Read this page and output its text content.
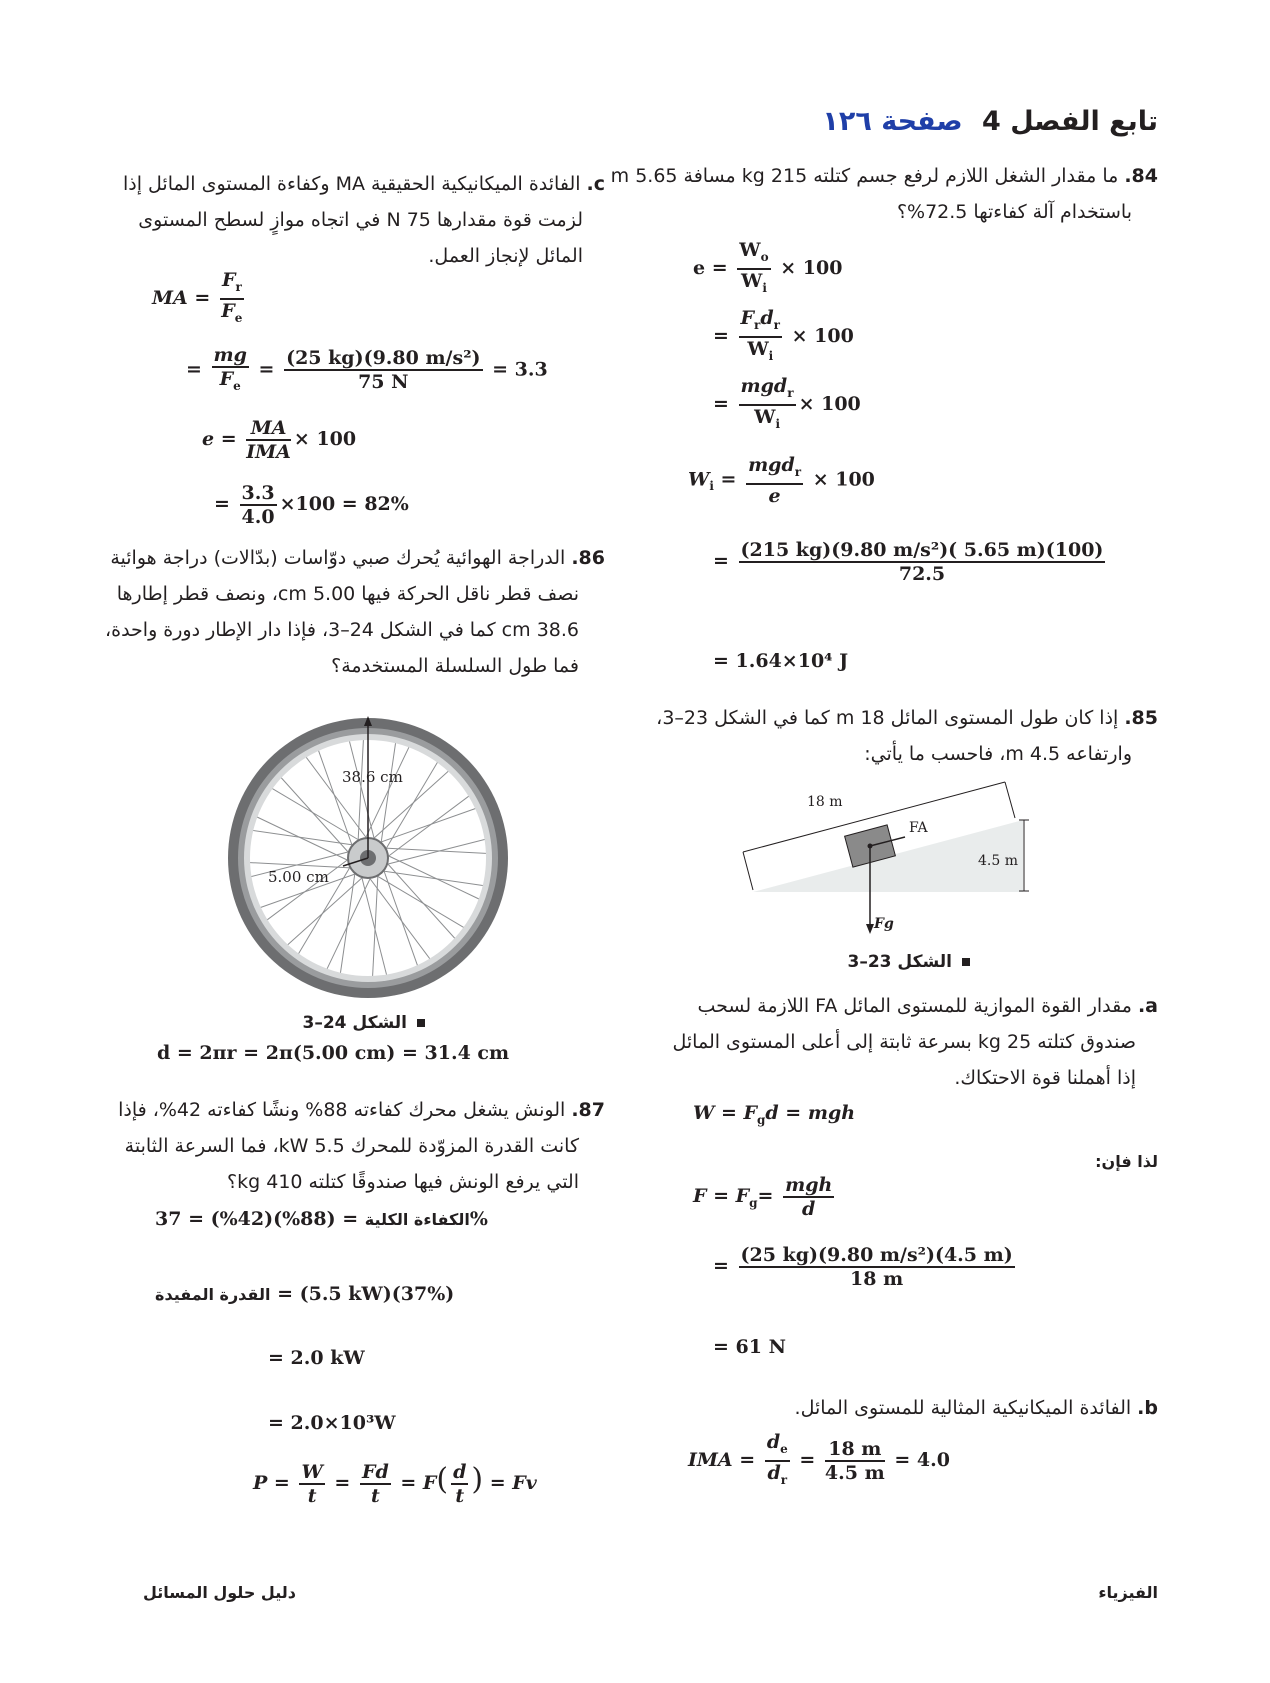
تابع الفصل 4 صفحة ١٢٦

84.ما مقدار الشغل اللازم لرفع جسم كتلته 215 kg مسافة 5.65 m

باستخدام آلة كفاءتها 72.5%؟

$e = \frac{W_o}{W_i} \times 100$
= $\frac{F_rd_r}{W_i} \times 100$
= $\frac{mgd_r}{W_i} \times 100$
$W_i = \frac{mgd_r}{e} \times 100$
= $\frac{\text{(215 kg)(9.80 m/s²)( 5.65 m)(100)}}{72.5}$
= 1.64×10⁴ J

85.إذا كان طول المستوى المائل 18 m كما في الشكل 23–3،

وارتفاعه 4.5 m، فاحسب ما يأتي:

18 m
FA
4.5 m
Fg
الشكل 23–3

a.مقدار القوة الموازية للمستوى المائل FA اللازمة لسحب

صندوق كتلته 25 kg بسرعة ثابتة إلى أعلى المستوى المائل

إذا أهملنا قوة الاحتكاك.

$W = F_gd$ = mgh
لذا فإن:
$F = F_g= \frac{\text{mgh}}{d}$
= $\frac{\text{(25 kg)(9.80 m/s²)(4.5 m)}}{18 m}$
= 61 N

b.الفائدة الميكانيكية المثالية للمستوى المائل.

IMA = $\frac{d_e}{d_r} = \frac{18 m}{4.5 m} = 4.0$

c.الفائدة الميكانيكية الحقيقية MA وكفاءة المستوى المائل إذا

لزمت قوة مقدارها 75 N في اتجاه موازٍ لسطح المستوى

المائل لإنجاز العمل.

MA = $\frac{F_r}{F_e}$
= $\frac{mg}{F_e} = \frac{\text{(25 kg)(9.80 m/s²)}}{75 N} = 3.3$
$e = \frac{MA}{\text{IMA}} \times 100$
= $\frac{3.3}{4.0} \times 100 = 82\%$

86.الدراجة الهوائية يُحرك صبي دوّاسات (بدّالات) دراجة هوائية

نصف قطر ناقل الحركة فيها 5.00 cm، ونصف قطر إطارها

38.6 cm كما في الشكل 24–3، فإذا دار الإطار دورة واحدة،

فما طول السلسلة المستخدمة؟

38.6 cm
5.00 cm
الشكل 24–3
d = 2πr = 2π(5.00 cm) = 31.4 cm

87.الونش يشغل محرك كفاءته 88% ونشًا كفاءته 42%، فإذا

كانت القدرة المزوّدة للمحرك 5.5 kW، فما السرعة الثابتة

التي يرفع الونش فيها صندوقًا كتلته 410 kg؟

الكفاءة الكلية = (88%)(42%) = 37%
القدرة المفيدة = (5.5 kW)(37%)
= 2.0 kW
= 2.0×10³W
$P = \frac{W}{t} = \frac{Fd}{t} = F( \frac{d}{t}$ ) = Fv
دليل حلول المسائل	الفيزياء
